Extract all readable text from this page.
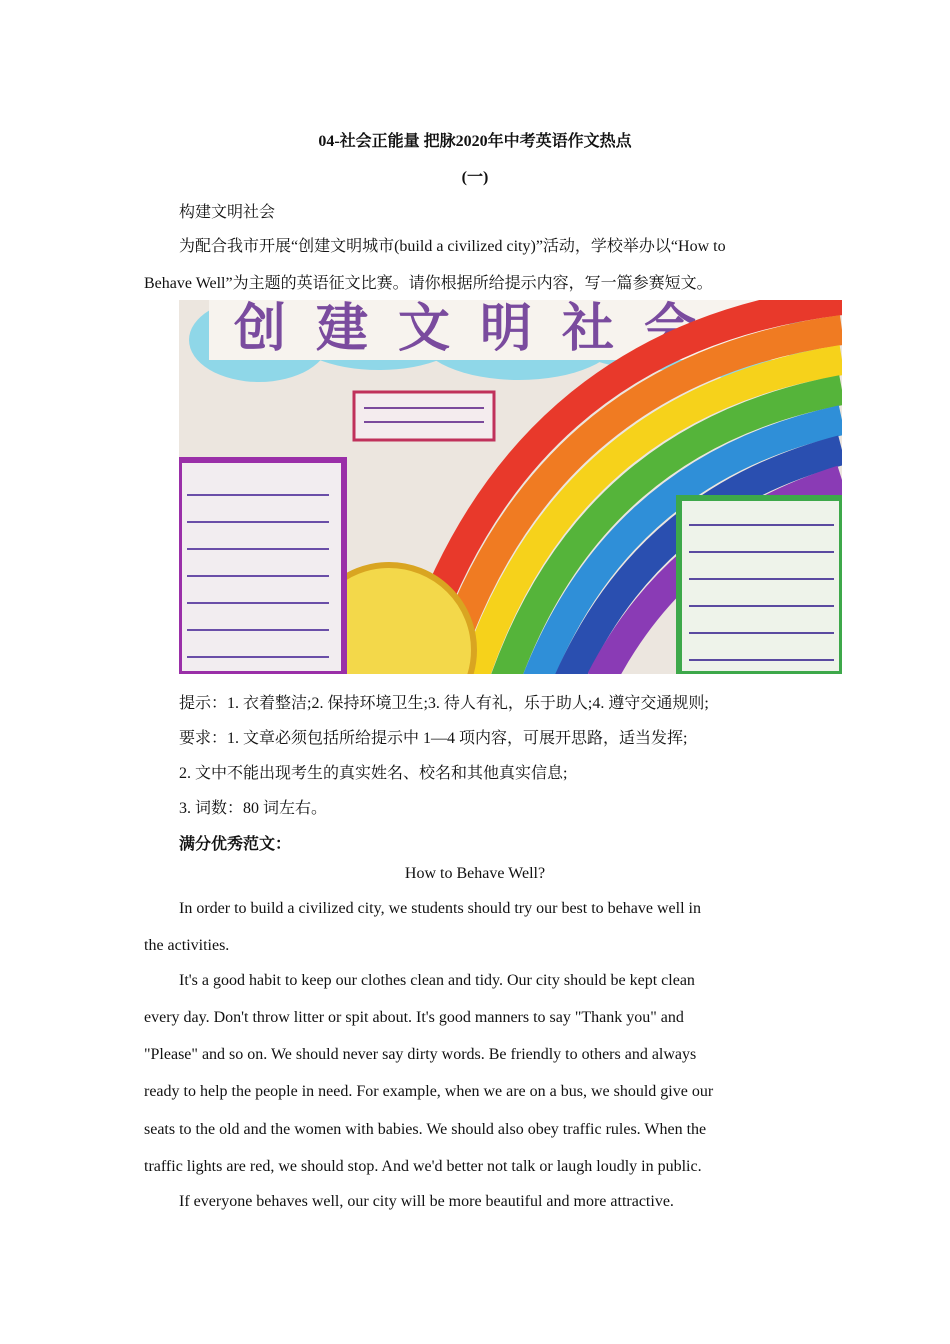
04-社会正能量 把脉2020年中考英语作文热点
(一)
构建文明社会
为配合我市开展“创建文明城市(build a civilized city)”活动，学校举办以“How to
Behave Well”为主题的英语征文比赛。请你根据所给提示内容，写一篇参赛短文。
创建文明社会
提示：1. 衣着整洁;2. 保持环境卫生;3. 待人有礼，乐于助人;4. 遵守交通规则;
要求：1. 文章必须包括所给提示中 1—4 项内容，可展开思路，适当发挥;
2. 文中不能出现考生的真实姓名、校名和其他真实信息;
3. 词数：80 词左右。
满分优秀范文：
How to Behave Well?
In order to build a civilized city, we students should try our best to behave well in
the activities.
It's a good habit to keep our clothes clean and tidy. Our city should be kept clean
every day. Don't throw litter or spit about. It's good manners to say "Thank you" and
"Please" and so on. We should never say dirty words. Be friendly to others and always
ready to help the people in need. For example, when we are on a bus, we should give our
seats to the old and the women with babies. We should also obey traffic rules. When the
traffic lights are red, we should stop. And we'd better not talk or laugh loudly in public.
If everyone behaves well, our city will be more beautiful and more attractive.
